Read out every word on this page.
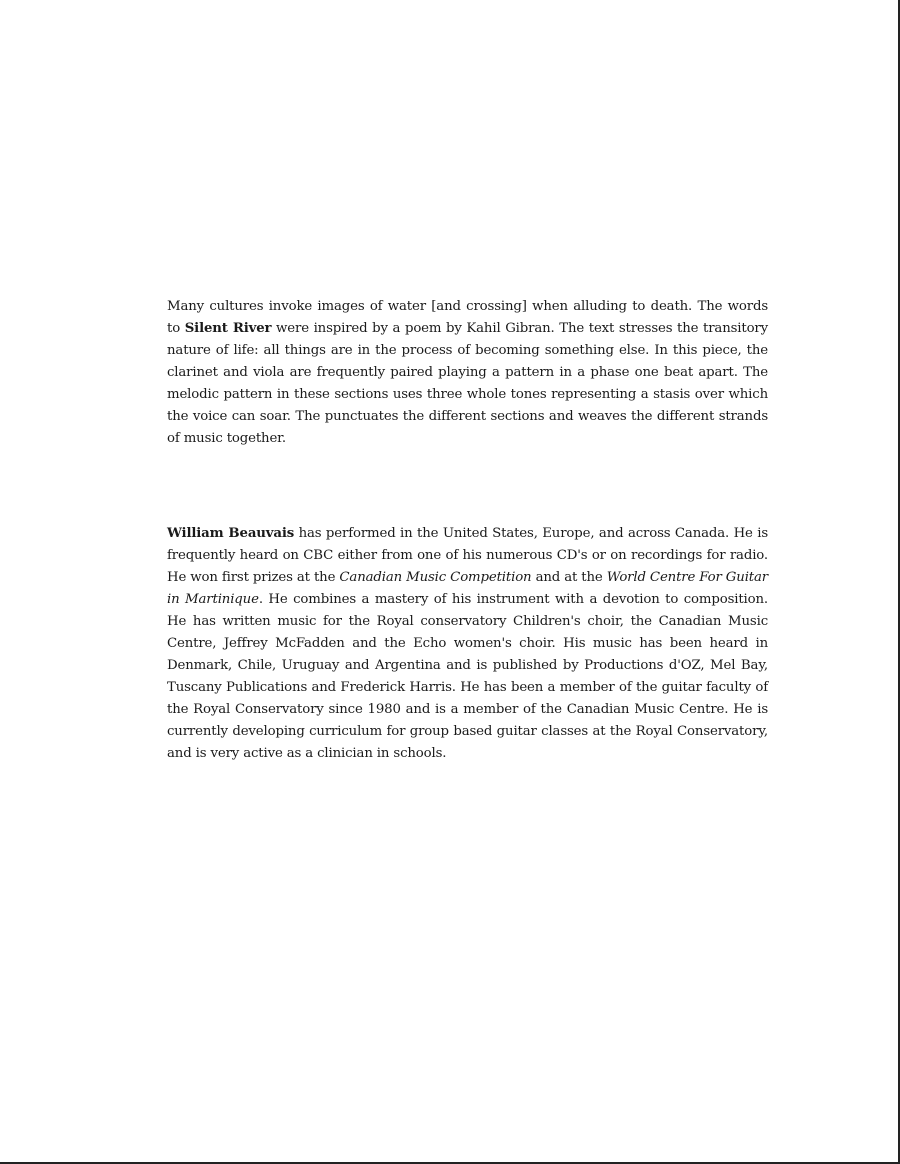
Many cultures invoke images of water [and crossing] when alluding to death. The words to Silent River were inspired by a poem by Kahil Gibran. The text stresses the transitory nature of life: all things are in the process of becoming something else. In this piece, the clarinet and viola are frequently paired playing a pattern in a phase one beat apart. The melodic pattern in these sections uses three whole tones representing a stasis over which the voice can soar. The punctuates the different sections and weaves the different strands of music together.

William Beauvais has performed in the United States, Europe, and across Canada. He is frequently heard on CBC either from one of his numerous CD's or on recordings for radio. He won first prizes at the Canadian Music Competition and at the World Centre For Guitar in Martinique. He combines a mastery of his instrument with a devotion to composition. He has written music for the Royal conservatory Children's choir, the Canadian Music Centre, Jeffrey McFadden and the Echo women's choir. His music has been heard in Denmark, Chile, Uruguay and Argentina and is published by Productions d'OZ, Mel Bay, Tuscany Publications and Frederick Harris. He has been a member of the guitar faculty of the Royal Conservatory since 1980 and is a member of the Canadian Music Centre. He is currently developing curriculum for group based guitar classes at the Royal Conservatory, and is very active as a clinician in schools.
